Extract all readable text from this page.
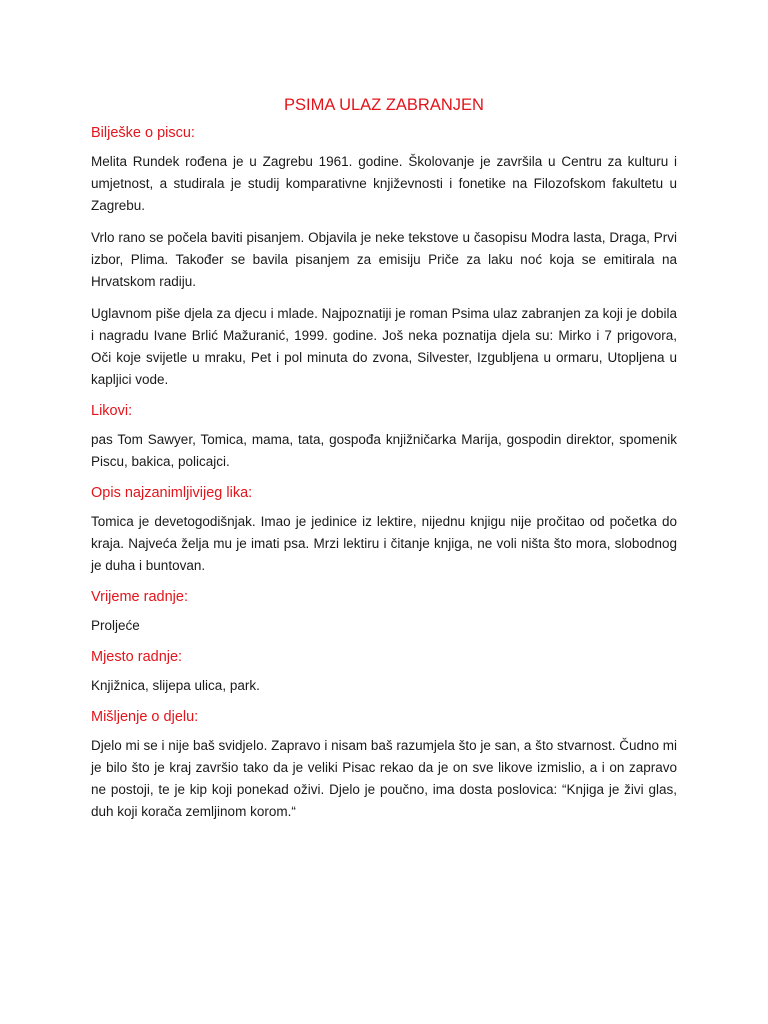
PSIMA ULAZ ZABRANJEN
Bilješke o piscu:

Melita Rundek rođena je u Zagrebu 1961. godine. Školovanje je završila u Centru za kulturu i umjetnost, a studirala je studij komparativne književnosti i fonetike na Filozofskom fakultetu u Zagrebu.

Vrlo rano se počela baviti pisanjem. Objavila je neke tekstove u časopisu Modra lasta, Draga, Prvi izbor, Plima. Također se bavila pisanjem za emisiju Priče za laku noć koja se emitirala na Hrvatskom radiju.

Uglavnom piše djela za djecu i mlade. Najpoznatiji je roman Psima ulaz zabranjen za koji je dobila i nagradu Ivane Brlić Mažuranić, 1999. godine. Još neka poznatija djela su: Mirko i 7 prigovora, Oči koje svijetle u mraku, Pet i pol minuta do zvona, Silvester, Izgubljena u ormaru, Utopljena u kapljici vode.

Likovi:

pas Tom Sawyer, Tomica, mama, tata, gospođa knjižničarka Marija, gospodin direktor, spomenik Piscu, bakica, policajci.

Opis najzanimljivijeg lika:

Tomica je devetogodišnjak. Imao je jedinice iz lektire, nijednu knjigu nije pročitao od početka do kraja. Najveća želja mu je imati psa. Mrzi lektiru i čitanje knjiga, ne voli ništa što mora, slobodnog je duha i buntovan.

Vrijeme radnje:

Proljeće

Mjesto radnje:

Knjižnica, slijepa ulica, park.

Mišljenje o djelu:

Djelo mi se i nije baš svidjelo. Zapravo i nisam baš razumjela što je san, a što stvarnost. Čudno mi je bilo što je kraj završio tako da je veliki Pisac rekao da je on sve likove izmislio, a i on zapravo ne postoji, te je kip koji ponekad oživi. Djelo je poučno, ima dosta poslovica: “Knjiga je živi glas, duh koji korača zemljinom korom.“
